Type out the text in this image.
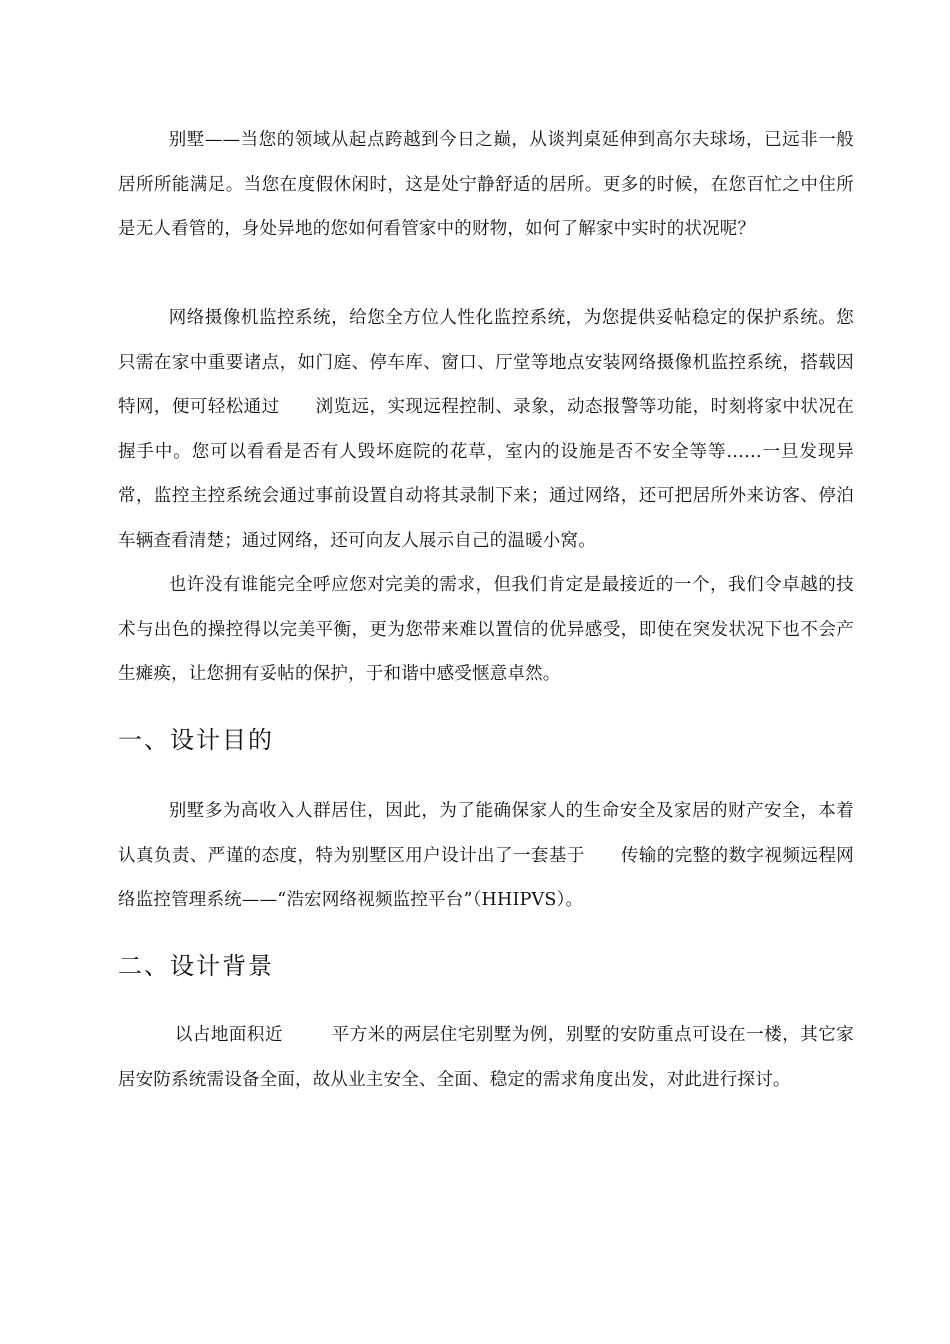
别墅——当您的领域从起点跨越到今日之巅，从谈判桌延伸到高尔夫球场，已远非一般居所所能满足。当您在度假休闲时，这是处宁静舒适的居所。更多的时候，在您百忙之中住所是无人看管的，身处异地的您如何看管家中的财物，如何了解家中实时的状况呢？

网络摄像机监控系统，给您全方位人性化监控系统，为您提供妥帖稳定的保护系统。您只需在家中重要诸点，如门庭、停车库、窗口、厅堂等地点安装网络摄像机监控系统，搭载因特网，便可轻松通过      浏览远，实现远程控制、录象，动态报警等功能，时刻将家中状况在握手中。您可以看看是否有人毁坏庭院的花草，室内的设施是否不安全等等……一旦发现异常，监控主控系统会通过事前设置自动将其录制下来；通过网络，还可把居所外来访客、停泊车辆查看清楚；通过网络，还可向友人展示自己的温暖小窝。

也许没有谁能完全呼应您对完美的需求，但我们肯定是最接近的一个，我们令卓越的技术与出色的操控得以完美平衡，更为您带来难以置信的优异感受，即使在突发状况下也不会产生瘫痪，让您拥有妥帖的保护，于和谐中感受惬意卓然。

一、设计目的

别墅多为高收入人群居住，因此，为了能确保家人的生命安全及家居的财产安全，本着认真负责、严谨的态度，特为别墅区用户设计出了一套基于      传输的完整的数字视频远程网络监控管理系统——“浩宏网络视频监控平台”（HHIPVS）。

二、设计背景

以占地面积近        平方米的两层住宅别墅为例，别墅的安防重点可设在一楼，其它家居安防系统需设备全面，故从业主安全、全面、稳定的需求角度出发，对此进行探讨。
